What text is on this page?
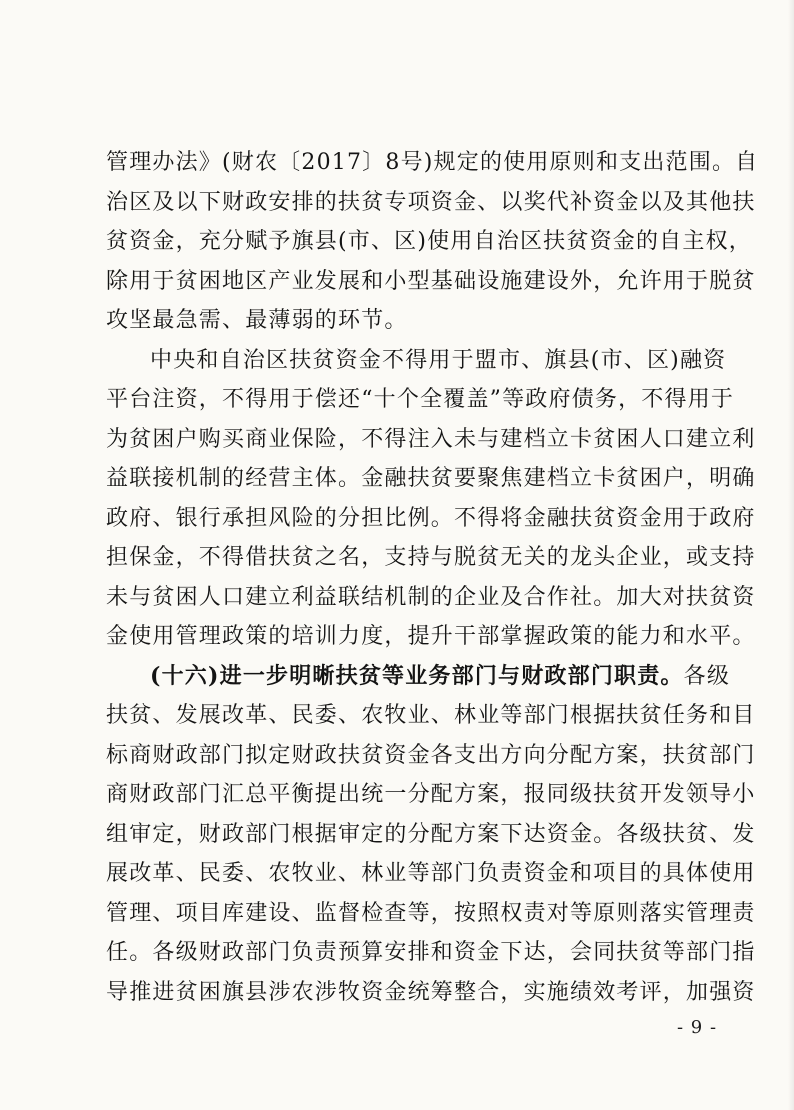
管理办法》(财农〔2017〕8号)规定的使用原则和支出范围。自
治区及以下财政安排的扶贫专项资金、以奖代补资金以及其他扶
贫资金，充分赋予旗县(市、区)使用自治区扶贫资金的自主权，
除用于贫困地区产业发展和小型基础设施建设外，允许用于脱贫
攻坚最急需、最薄弱的环节。
中央和自治区扶贫资金不得用于盟市、旗县(市、区)融资
平台注资，不得用于偿还“十个全覆盖”等政府债务，不得用于
为贫困户购买商业保险，不得注入未与建档立卡贫困人口建立利
益联接机制的经营主体。金融扶贫要聚焦建档立卡贫困户，明确
政府、银行承担风险的分担比例。不得将金融扶贫资金用于政府
担保金，不得借扶贫之名，支持与脱贫无关的龙头企业，或支持
未与贫困人口建立利益联结机制的企业及合作社。加大对扶贫资
金使用管理政策的培训力度，提升干部掌握政策的能力和水平。
(十六)进一步明晰扶贫等业务部门与财政部门职责。各级
扶贫、发展改革、民委、农牧业、林业等部门根据扶贫任务和目
标商财政部门拟定财政扶贫资金各支出方向分配方案，扶贫部门
商财政部门汇总平衡提出统一分配方案，报同级扶贫开发领导小
组审定，财政部门根据审定的分配方案下达资金。各级扶贫、发
展改革、民委、农牧业、林业等部门负责资金和项目的具体使用
管理、项目库建设、监督检查等，按照权责对等原则落实管理责
任。各级财政部门负责预算安排和资金下达，会同扶贫等部门指
导推进贫困旗县涉农涉牧资金统筹整合，实施绩效考评，加强资
- 9 -
